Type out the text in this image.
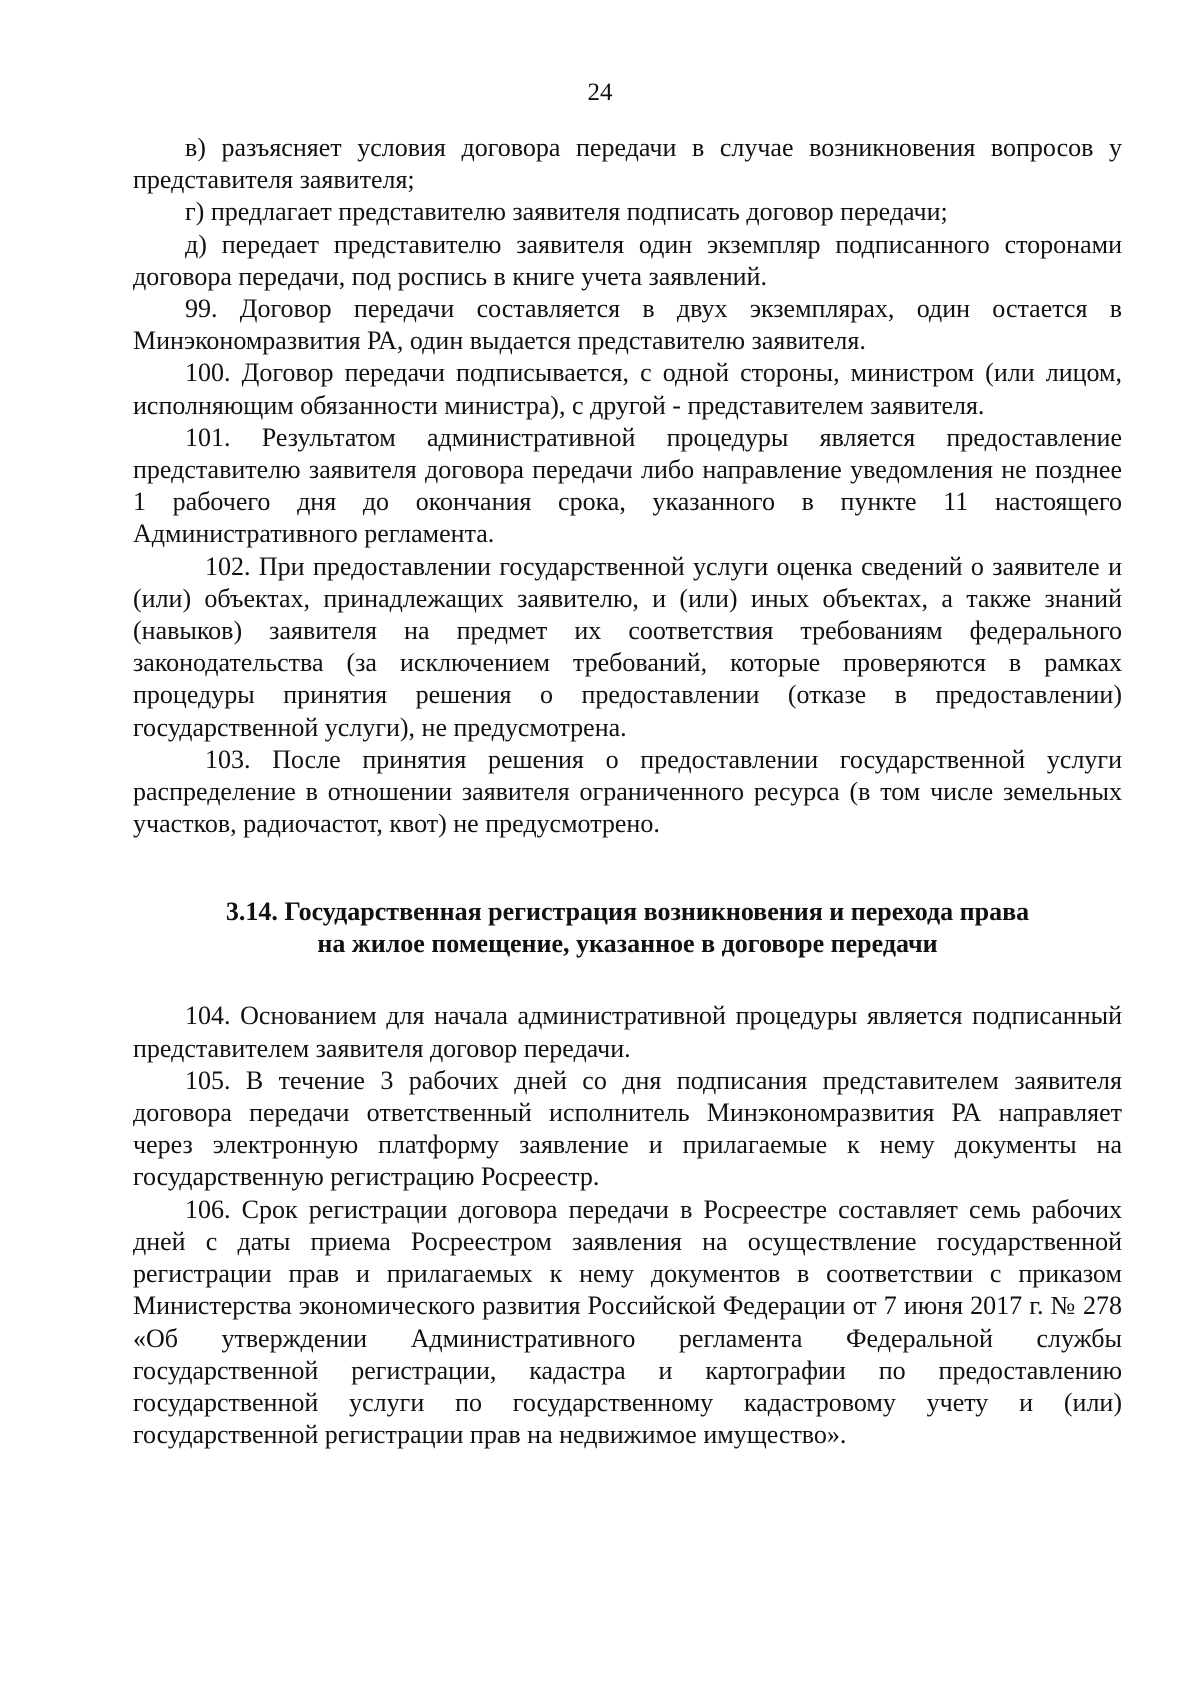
24

в) разъясняет условия договора передачи в случае возникновения вопросов у представителя заявителя;

г) предлагает представителю заявителя подписать договор передачи;

д) передает представителю заявителя один экземпляр подписанного сторонами договора передачи, под роспись в книге учета заявлений.

99. Договор передачи составляется в двух экземплярах, один остается в Минэкономразвития РА, один выдается представителю заявителя.

100. Договор передачи подписывается, с одной стороны, министром (или лицом, исполняющим обязанности министра), с другой - представителем заявителя.

101. Результатом административной процедуры является предоставление представителю заявителя договора передачи либо направление уведомления не позднее 1 рабочего дня до окончания срока, указанного в пункте 11 настоящего Административного регламента.

102. При предоставлении государственной услуги оценка сведений о заявителе и (или) объектах, принадлежащих заявителю, и (или) иных объектах, а также знаний (навыков) заявителя на предмет их соответствия требованиям федерального законодательства (за исключением требований, которые проверяются в рамках процедуры принятия решения о предоставлении (отказе в предоставлении) государственной услуги), не предусмотрена.

103. После принятия решения о предоставлении государственной услуги распределение в отношении заявителя ограниченного ресурса (в том числе земельных участков, радиочастот, квот) не предусмотрено.

3.14. Государственная регистрация возникновения и перехода права
на жилое помещение, указанное в договоре передачи

104. Основанием для начала административной процедуры является подписанный представителем заявителя договор передачи.

105. В течение 3 рабочих дней со дня подписания представителем заявителя договора передачи ответственный исполнитель Минэкономразвития РА направляет через электронную платформу заявление и прилагаемые к нему документы на государственную регистрацию Росреестр.

106. Срок регистрации договора передачи в Росреестре составляет семь рабочих дней с даты приема Росреестром заявления на осуществление государственной регистрации прав и прилагаемых к нему документов в соответствии с приказом Министерства экономического развития Российской Федерации от 7 июня 2017 г. № 278 «Об утверждении Административного регламента Федеральной службы государственной регистрации, кадастра и картографии по предоставлению государственной услуги по государственному кадастровому учету и (или) государственной регистрации прав на недвижимое имущество».
